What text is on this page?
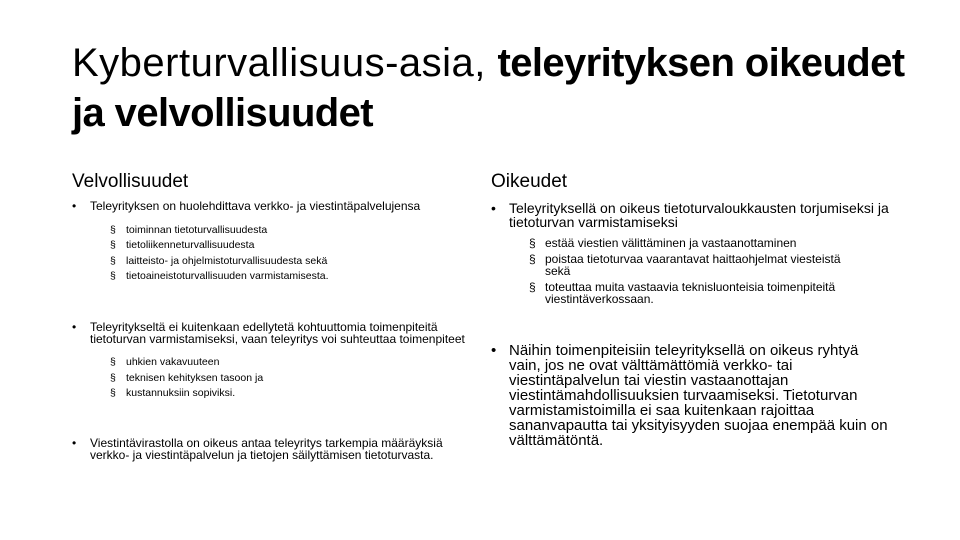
Kyberturvallisuus-asia, teleyrityksen oikeudet ja velvollisuudet
Velvollisuudet	Oikeudet
• Teleyrityksen on huolehdittava verkko- ja viestintäpalvelujensa
§ toiminnan tietoturvallisuudesta
§ tietoliikenneturvallisuudesta
§ laitteisto- ja ohjelmistoturvallisuudesta sekä
§ tietoaineistoturvallisuuden varmistamisesta.
• Teleyritykseltä ei kuitenkaan edellytetä kohtuuttomia toimenpiteitä tietoturvan varmistamiseksi, vaan teleyritys voi suhteuttaa toimenpiteet
§ uhkien vakavuuteen
§ teknisen kehityksen tasoon ja
§ kustannuksiin sopiviksi.
• Viestintävirastolla on oikeus antaa teleyritys tarkempia määräyksiä verkko- ja viestintäpalvelun ja tietojen säilyttämisen tietoturvasta.
• Teleyrityksellä on oikeus tietoturvaloukkausten torjumiseksi ja tietoturvan varmistamiseksi
§ estää viestien välittäminen ja vastaanottaminen
§ poistaa tietoturvaa vaarantavat haittaohjelmat viesteistä sekä
§ toteuttaa muita vastaavia teknisluonteisia toimenpiteitä viestintäverkossaan.
• Näihin toimenpiteisiin teleyrityksellä on oikeus ryhtyä vain, jos ne ovat välttämättömiä verkko- tai viestintäpalvelun tai viestin vastaanottajan viestintämahdollisuuksien turvaamiseksi. Tietoturvan varmistamistoimilla ei saa kuitenkaan rajoittaa sananvapautta tai yksityisyyden suojaa enempää kuin on välttämätöntä.
